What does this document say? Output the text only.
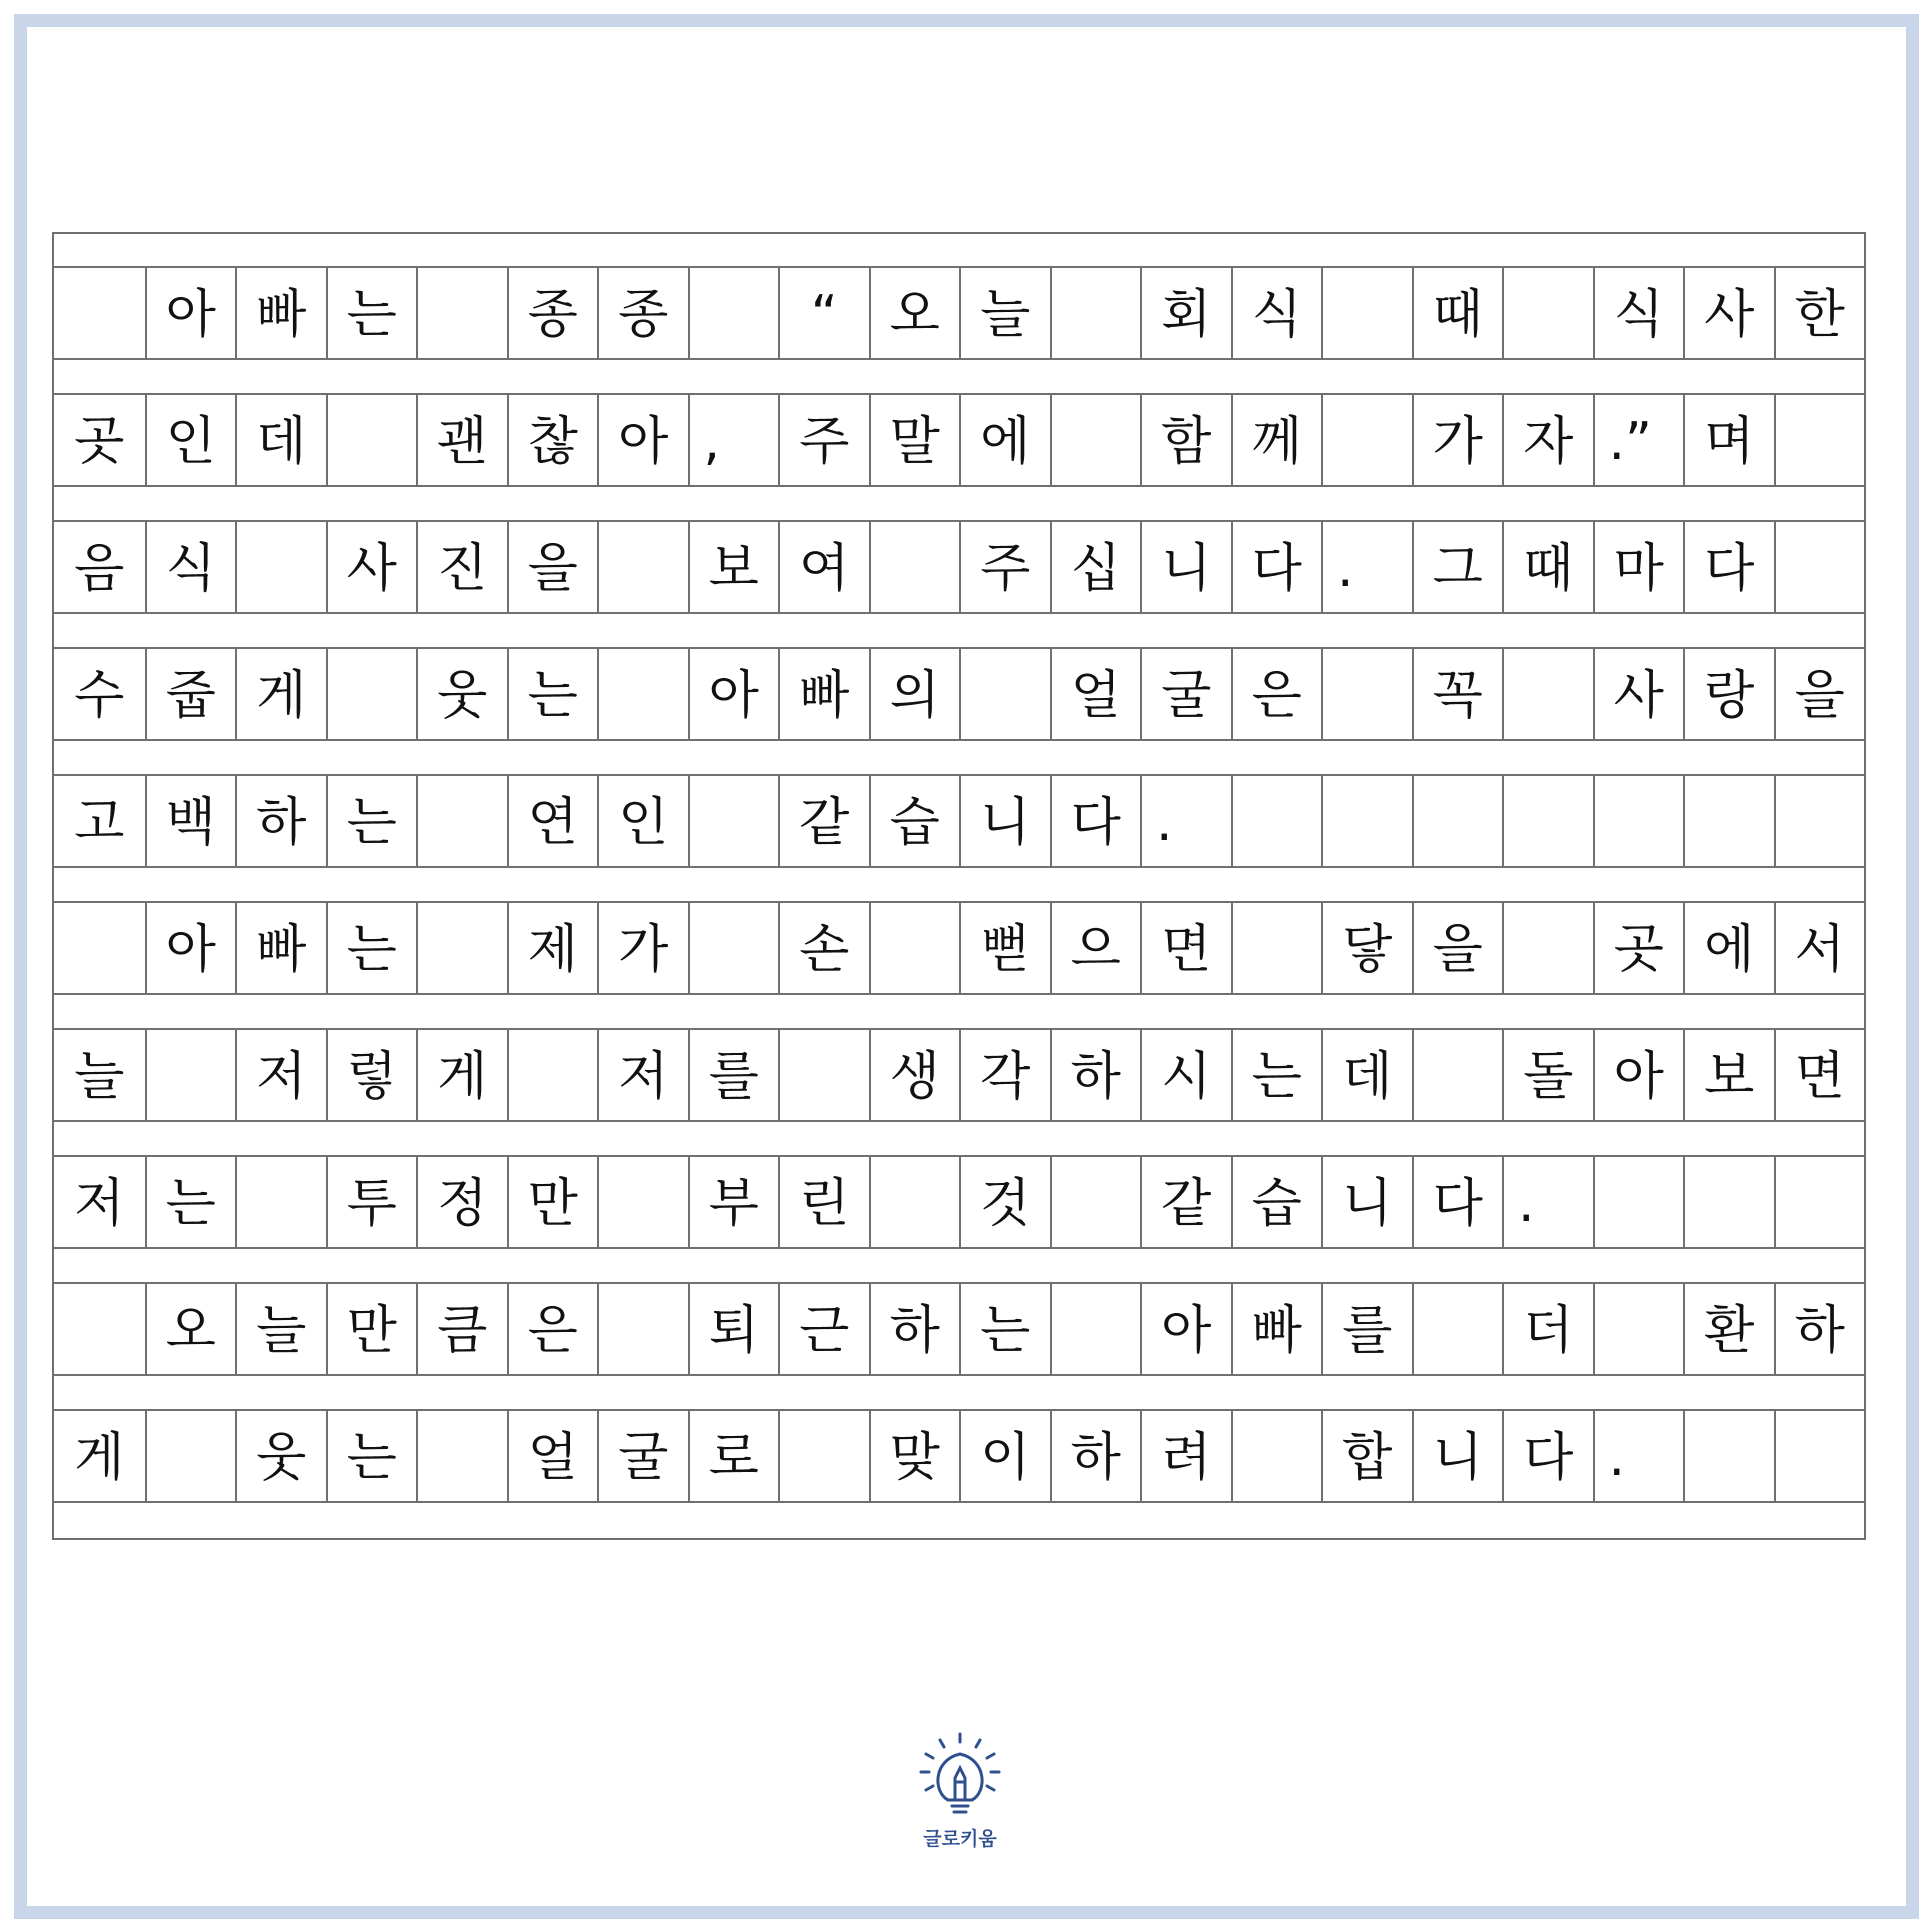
아 빠 는	종 종	“ 오 늘	회 식	때	식 사 한
곳 인 데	괜 찮 아 ,	주 말 에	함 께	가 자 .”	며
음 식	사 진 을	보 여	주 십 니 다 .	그 때 마 다
수 줍 게	웃 는	아 빠 의	얼 굴 은	꼭	사 랑 을
고 백 하 는	연 인	같 습 니 다 .
아 빠 는	제 가	손	뻗 으 면	닿 을	곳 에 서
늘	저 렇 게	저 를	생 각 하 시 는 데	돌 아 보 면
저 는	투 정 만	부 린	것	같 습 니 다 .
오 늘 만 큼 은	퇴 근 하 는	아 빠 를	더	환 하
게	웃 는	얼 굴 로	맞 이 하 려	합 니 다 .
글로키움
